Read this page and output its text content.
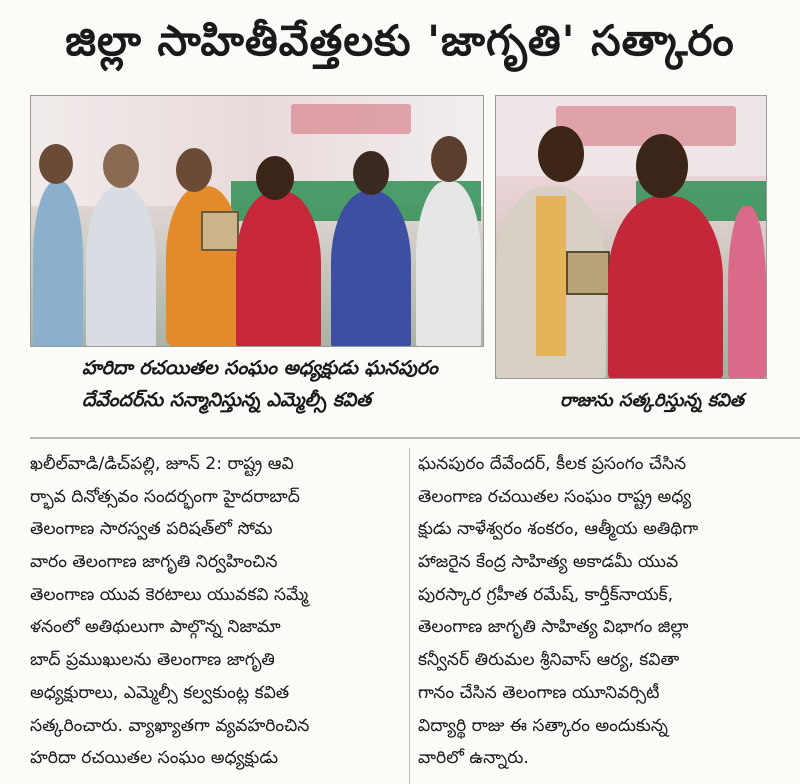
జిల్లా సాహితీవేత్తలకు 'జాగృతి' సత్కారం
హరిదా రచయితల సంఘం అధ్యక్షుడు ఘనపురం
దేవేందర్‌ను సన్మానిస్తున్న ఎమ్మెల్సీ కవిత	రాజును సత్కరిస్తున్న కవిత
ఖలీల్‌వాడి/డిచ్‌పల్లి, జూన్ 2: రాష్ట్ర ఆవి
ర్భావ దినోత్సవం సందర్భంగా హైదరాబాద్
తెలంగాణ సారస్వత పరిషత్‌లో సోమ
వారం తెలంగాణ జాగృతి నిర్వహించిన
తెలంగాణ యువ కెరటాలు యువకవి సమ్మే
ళనంలో అతిథులుగా పాల్గొన్న నిజామా
బాద్ ప్రముఖులను తెలంగాణ జాగృతి
అధ్యక్షురాలు, ఎమ్మెల్సీ కల్వకుంట్ల కవిత
సత్కరించారు. వ్యాఖ్యాతగా వ్యవహరించిన
హరిదా రచయితల సంఘం అధ్యక్షుడు
ఘనపురం దేవేందర్, కీలక ప్రసంగం చేసిన
తెలంగాణ రచయితల సంఘం రాష్ట్ర అధ్య
క్షుడు నాళేశ్వరం శంకరం, ఆత్మీయ అతిథిగా
హాజరైన కేంద్ర సాహిత్య అకాడమీ యువ
పురస్కార గ్రహీత రమేష్, కార్తీక్‌నాయక్,
తెలంగాణ జాగృతి సాహిత్య విభాగం జిల్లా
కన్వీనర్ తిరుమల శ్రీనివాస్ ఆర్య, కవితా
గానం చేసిన తెలంగాణ యూనివర్సిటీ
విద్యార్థి రాజు ఈ సత్కారం అందుకున్న
వారిలో ఉన్నారు.
